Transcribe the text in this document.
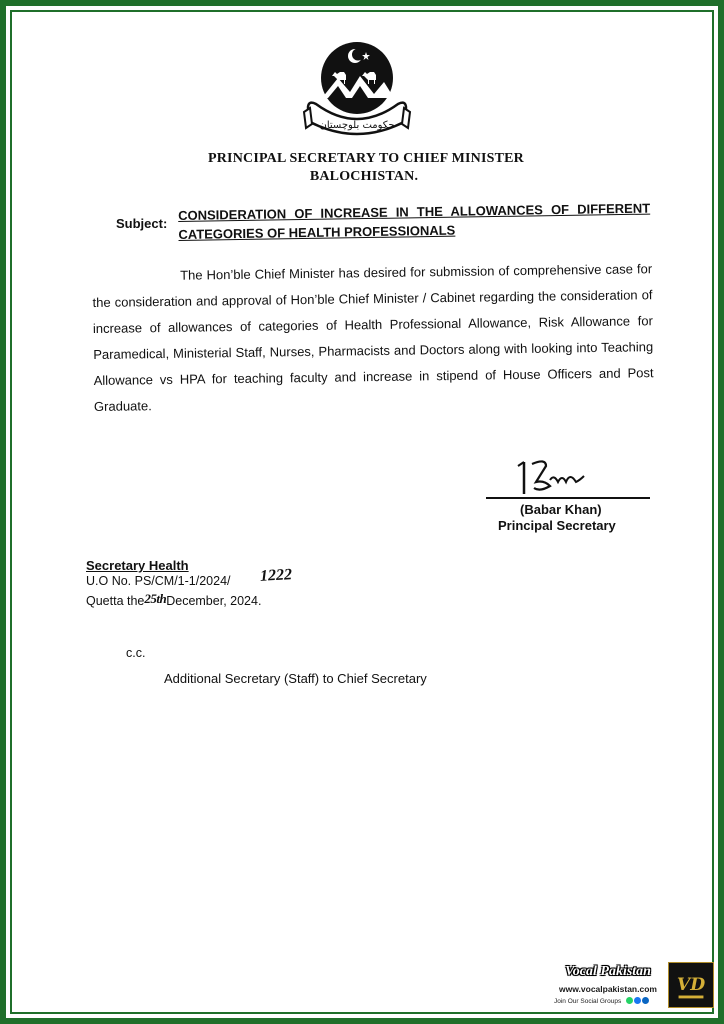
حکومت بلوچستان
PRINCIPAL SECRETARY TO CHIEF MINISTER
BALOCHISTAN.
Subject:
CONSIDERATION OF INCREASE IN THE ALLOWANCES OF DIFFERENT CATEGORIES OF HEALTH PROFESSIONALS
The Hon’ble Chief Minister has desired for submission of comprehensive case for the consideration and approval of Hon’ble Chief Minister / Cabinet regarding the consideration of increase of allowances of categories of Health Professional Allowance, Risk Allowance for Paramedical, Ministerial Staff, Nurses, Pharmacists and Doctors along with looking into Teaching Allowance vs HPA for teaching faculty and increase in stipend of House Officers and Post Graduate.
(Babar Khan)
Principal Secretary
Secretary Health
U.O No. PS/CM/1-1/2024/ 1222
Quetta the25thDecember, 2024.
c.c.
Additional Secretary (Staff) to Chief Secretary
Vocal Pakistan
www.vocalpakistan.com
Join Our Social Groups
VD
